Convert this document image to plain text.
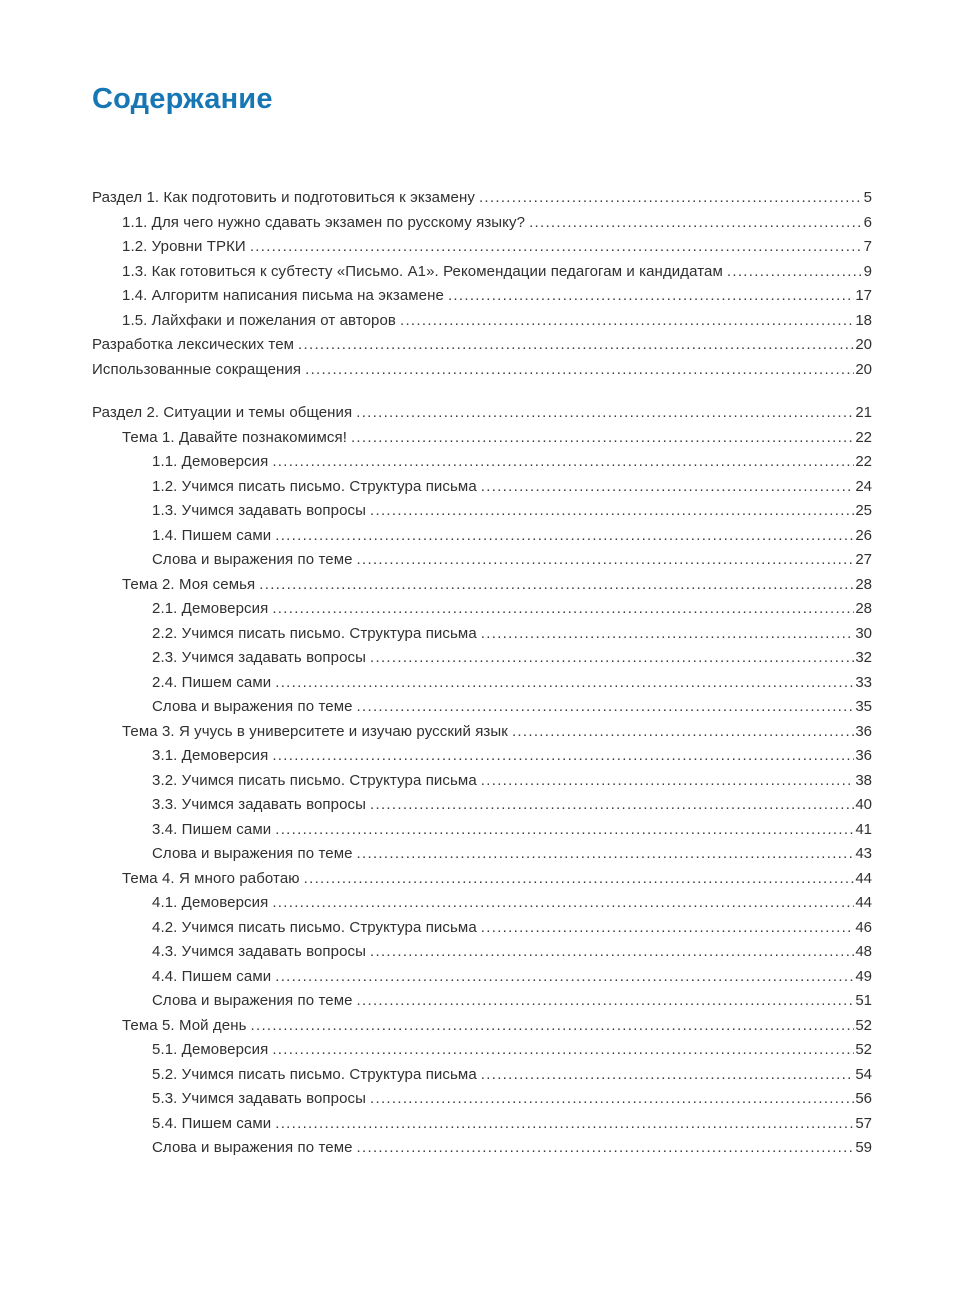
Содержание
Раздел 1. Как подготовить и подготовиться к экзамену .....	5
1.1. Для чего нужно сдавать экзамен по русскому языку? .....	6
1.2. Уровни ТРКИ .....	7
1.3. Как готовиться к субтесту «Письмо. А1». Рекомендации педагогам и кандидатам .....	9
1.4. Алгоритм написания письма на экзамене .....	17
1.5. Лайхфаки и пожелания от авторов .....	18
Разработка лексических тем .....	20
Использованные сокращения .....	20
Раздел 2. Ситуации и темы общения .....	21
Тема 1. Давайте познакомимся! .....	22
1.1. Демоверсия .....	22
1.2. Учимся писать письмо. Структура письма .....	24
1.3. Учимся задавать вопросы .....	25
1.4. Пишем сами .....	26
Слова и выражения по теме .....	27
Тема 2. Моя семья .....	28
2.1. Демоверсия .....	28
2.2. Учимся писать письмо. Структура письма .....	30
2.3. Учимся задавать вопросы .....	32
2.4. Пишем сами .....	33
Слова и выражения по теме .....	35
Тема 3. Я учусь в университете и изучаю русский язык .....	36
3.1. Демоверсия .....	36
3.2. Учимся писать письмо. Структура письма .....	38
3.3. Учимся задавать вопросы .....	40
3.4. Пишем сами .....	41
Слова и выражения по теме .....	43
Тема 4. Я много работаю .....	44
4.1. Демоверсия .....	44
4.2. Учимся писать письмо. Структура письма .....	46
4.3. Учимся задавать вопросы .....	48
4.4. Пишем сами .....	49
Слова и выражения по теме .....	51
Тема 5. Мой день .....	52
5.1. Демоверсия .....	52
5.2. Учимся писать письмо. Структура письма .....	54
5.3. Учимся задавать вопросы .....	56
5.4. Пишем сами .....	57
Слова и выражения по теме .....	59
